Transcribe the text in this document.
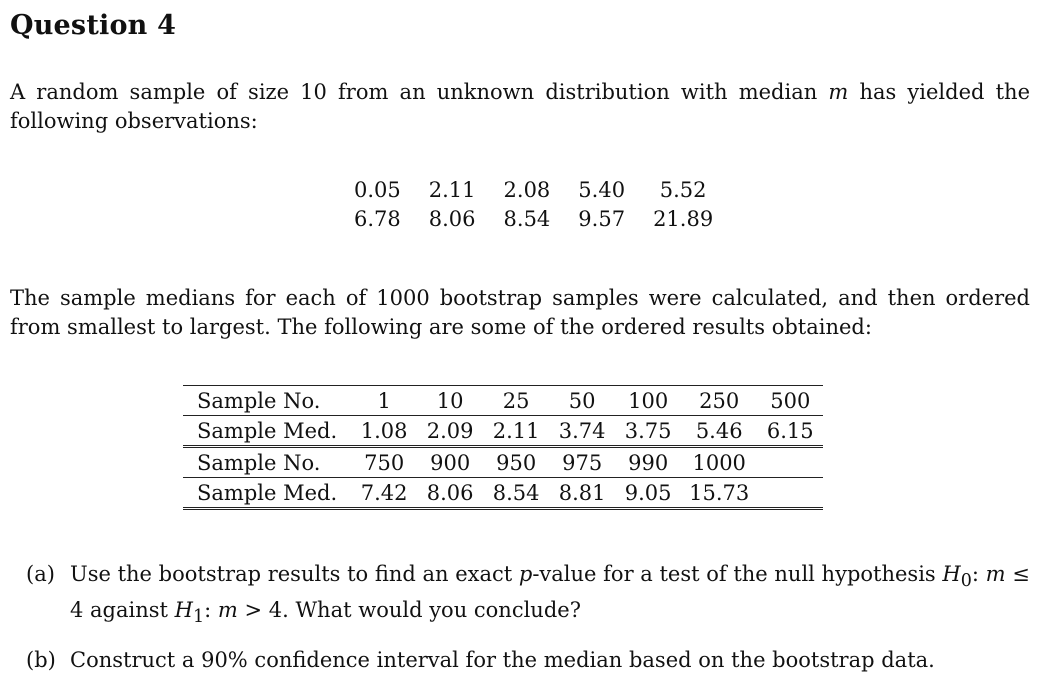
Question 4
A random sample of size 10 from an unknown distribution with median m has yielded the following observations:
0.05	2.11	2.08	5.40	5.52
6.78	8.06	8.54	9.57	21.89
The sample medians for each of 1000 bootstrap samples were calculated, and then ordered from smallest to largest. The following are some of the ordered results obtained:
Sample No.	1	10	25	50	100	250	500
Sample Med.	1.08	2.09	2.11	3.74	3.75	5.46	6.15
Sample No.	750	900	950	975	990	1000	
Sample Med.	7.42	8.06	8.54	8.81	9.05	15.73	
(a) Use the bootstrap results to find an exact p-value for a test of the null hypothesis $H_0$: m ≤ 4 against $H_1$: m > 4. What would you conclude?
(b) Construct a 90% confidence interval for the median based on the bootstrap data.
